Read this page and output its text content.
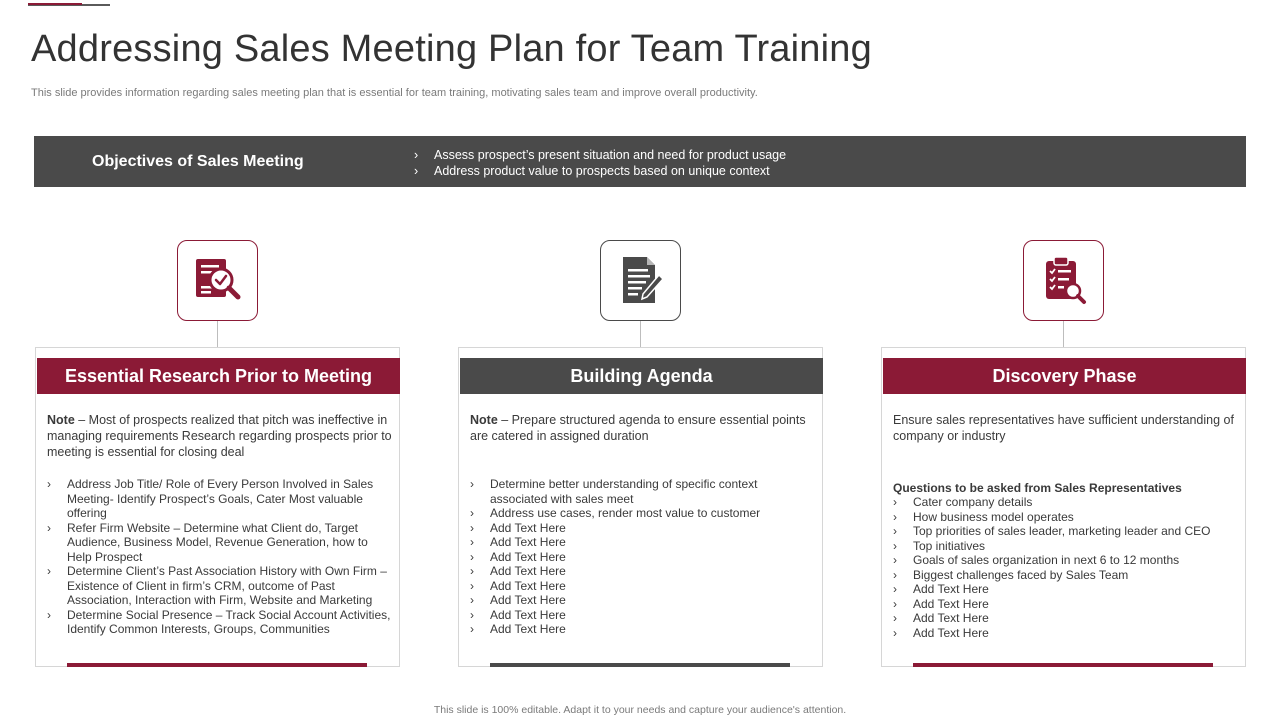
Addressing Sales Meeting Plan for Team Training

This slide provides information regarding sales meeting plan that is essential for team training, motivating sales team and improve overall productivity.

Objectives of Sales Meeting	› Assess prospect’s present situation and need for product usage
› Address product value to prospects based on unique context
Essential Research Prior to Meeting

Note – Most of prospects realized that pitch was ineffective in managing requirements Research regarding prospects prior to meeting is essential for closing deal

› Address Job Title/ Role of Every Person Involved in Sales Meeting- Identify Prospect’s Goals, Cater Most valuable offering
› Refer Firm Website – Determine what Client do, Target Audience, Business Model, Revenue Generation, how to Help Prospect
› Determine Client’s Past Association History with Own Firm – Existence of Client in firm’s CRM, outcome of Past Association, Interaction with Firm, Website and Marketing
› Determine Social Presence – Track Social Account Activities, Identify Common Interests, Groups, Communities
Building Agenda

Note – Prepare structured agenda to ensure essential points are catered in assigned duration

› Determine better understanding of specific context associated with sales meet
› Address use cases, render most value to customer
› Add Text Here
› Add Text Here
› Add Text Here
› Add Text Here
› Add Text Here
› Add Text Here
› Add Text Here
› Add Text Here
Discovery Phase

Ensure sales representatives have sufficient understanding of company or industry

Questions to be asked from Sales Representatives
› Cater company details
› How business model operates
› Top priorities of sales leader, marketing leader and CEO
› Top initiatives
› Goals of sales organization in next 6 to 12 months
› Biggest challenges faced by Sales Team
› Add Text Here
› Add Text Here
› Add Text Here
› Add Text Here
This slide is 100% editable. Adapt it to your needs and capture your audience's attention.
